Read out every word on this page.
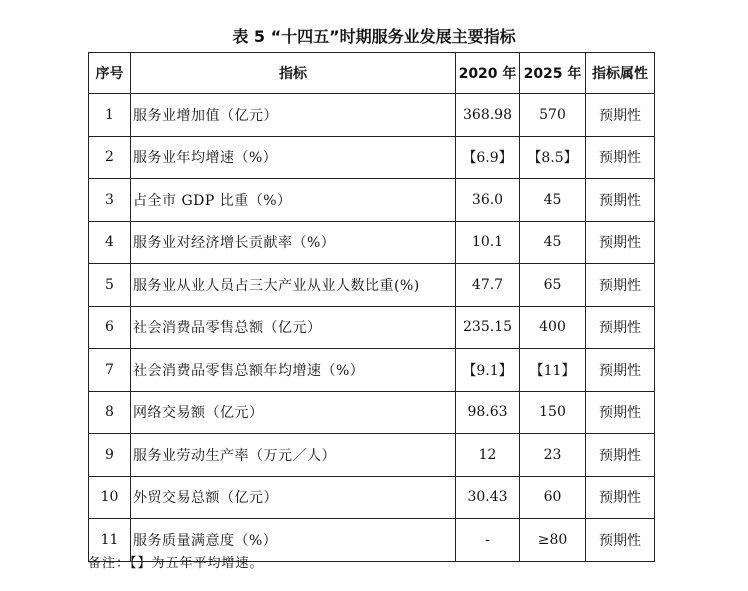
表 5 “十四五”时期服务业发展主要指标
序号	指标	2020 年	2025 年	指标属性
1	服务业增加值（亿元）	368.98	570	预期性
2	服务业年均增速（%）	【6.9】	【8.5】	预期性
3	占全市 GDP 比重（%）	36.0	45	预期性
4	服务业对经济增长贡献率（%）	10.1	45	预期性
5	服务业从业人员占三大产业从业人数比重(%)	47.7	65	预期性
6	社会消费品零售总额（亿元）	235.15	400	预期性
7	社会消费品零售总额年均增速（%）	【9.1】	【11】	预期性
8	网络交易额（亿元）	98.63	150	预期性
9	服务业劳动生产率（万元／人）	12	23	预期性
10	外贸交易总额（亿元）	30.43	60	预期性
11	服务质量满意度（%）	-	≥80	预期性
备注：【】为五年平均增速。
